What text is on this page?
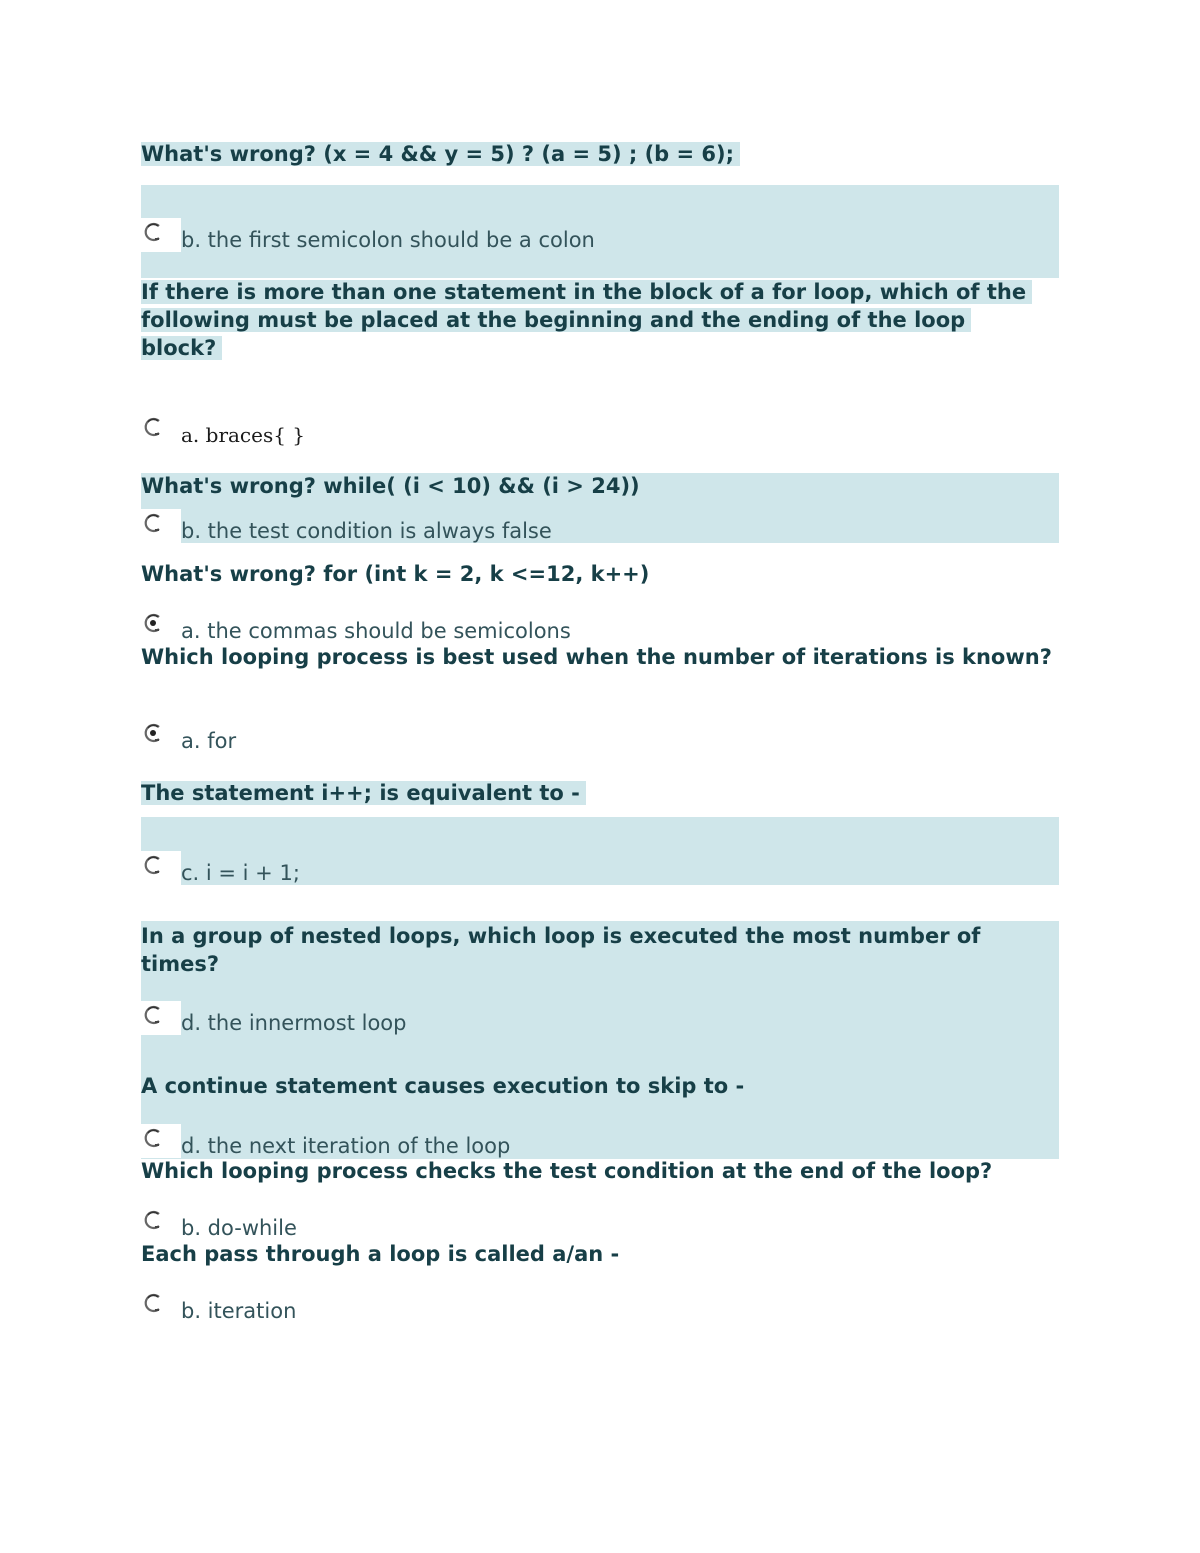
What's wrong? (x = 4 && y = 5) ? (a = 5) ; (b = 6);

b. the first semicolon should be a colon

If there is more than one statement in the block of a for loop, which of the following must be placed at the beginning and the ending of the loop block?

a. braces{ }

What's wrong? while( (i < 10) && (i > 24))

b. the test condition is always false

What's wrong? for (int k = 2, k <=12, k++)

a. the commas should be semicolons

Which looping process is best used when the number of iterations is known?

a. for

The statement i++; is equivalent to -

c. i = i + 1;

In a group of nested loops, which loop is executed the most number of times?

d. the innermost loop

A continue statement causes execution to skip to -

d. the next iteration of the loop

Which looping process checks the test condition at the end of the loop?

b. do-while

Each pass through a loop is called a/an -

b. iteration
